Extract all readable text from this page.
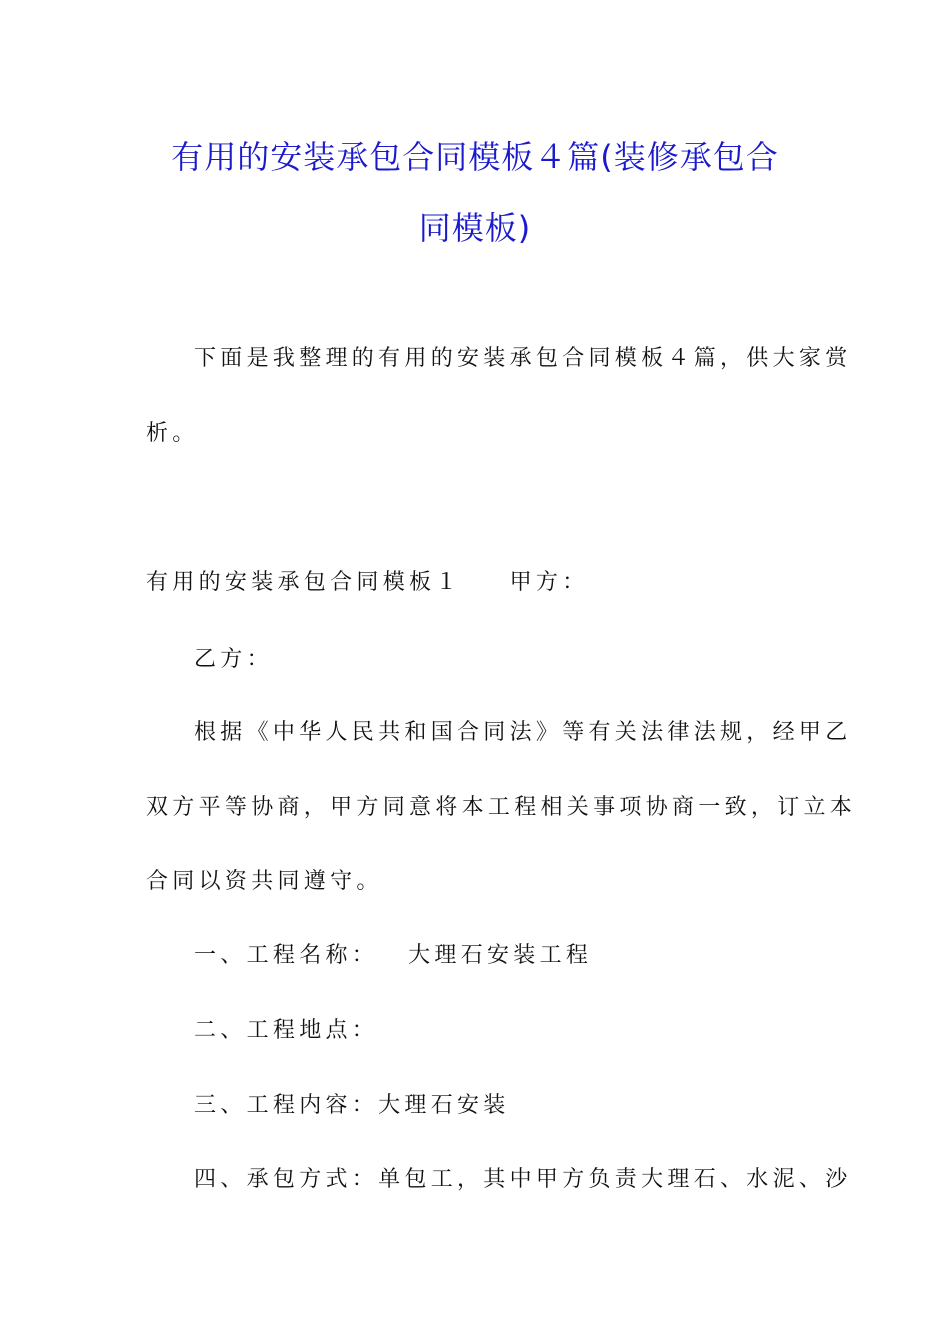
有用的安装承包合同模板４篇(装修承包合
同模板)
下面是我整理的有用的安装承包合同模板４篇，供大家赏
析。
有用的安装承包合同模板１ 甲方：
乙方：
根据《中华人民共和国合同法》等有关法律法规，经甲乙
双方平等协商，甲方同意将本工程相关事项协商一致，订立本
合同以资共同遵守。
一、工程名称： 大理石安装工程
二、工程地点：
三、工程内容：大理石安装
四、承包方式：单包工，其中甲方负责大理石、水泥、沙
